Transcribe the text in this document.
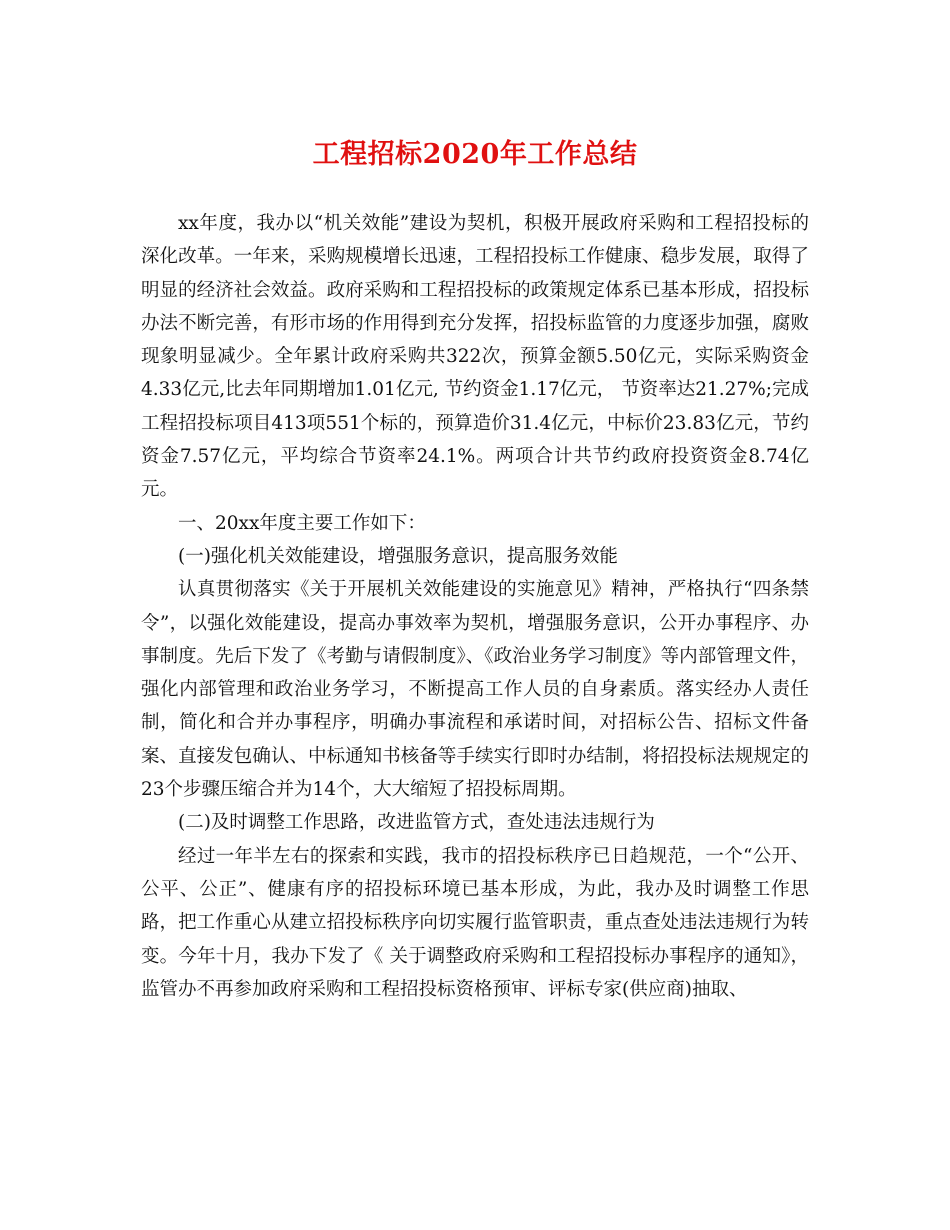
工程招标2020年工作总结

xx年度，我办以“机关效能”建设为契机，积极开展政府采购和工程招投标的深化改革。一年来，采购规模增长迅速，工程招投标工作健康、稳步发展，取得了明显的经济社会效益。政府采购和工程招投标的政策规定体系已基本形成，招投标办法不断完善，有形市场的作用得到充分发挥，招投标监管的力度逐步加强，腐败现象明显减少。全年累计政府采购共322次，预算金额5.50亿元，实际采购资金4.33亿元,比去年同期增加1.01亿元, 节约资金1.17亿元， 节资率达21.27%;完成工程招投标项目413项551个标的，预算造价31.4亿元，中标价23.83亿元，节约资金7.57亿元，平均综合节资率24.1%。两项合计共节约政府投资资金8.74亿元。

一、20xx年度主要工作如下：

(一)强化机关效能建设，增强服务意识，提高服务效能

认真贯彻落实《关于开展机关效能建设的实施意见》精神，严格执行“四条禁令”，以强化效能建设，提高办事效率为契机，增强服务意识，公开办事程序、办事制度。先后下发了《考勤与请假制度》、《政治业务学习制度》等内部管理文件，强化内部管理和政治业务学习，不断提高工作人员的自身素质。落实经办人责任制，简化和合并办事程序，明确办事流程和承诺时间，对招标公告、招标文件备案、直接发包确认、中标通知书核备等手续实行即时办结制，将招投标法规规定的23个步骤压缩合并为14个，大大缩短了招投标周期。

(二)及时调整工作思路，改进监管方式，查处违法违规行为

经过一年半左右的探索和实践，我市的招投标秩序已日趋规范，一个“公开、公平、公正”、健康有序的招投标环境已基本形成，为此，我办及时调整工作思路，把工作重心从建立招投标秩序向切实履行监管职责，重点查处违法违规行为转变。今年十月，我办下发了《 关于调整政府采购和工程招投标办事程序的通知》，监管办不再参加政府采购和工程招投标资格预审、评标专家(供应商)抽取、
